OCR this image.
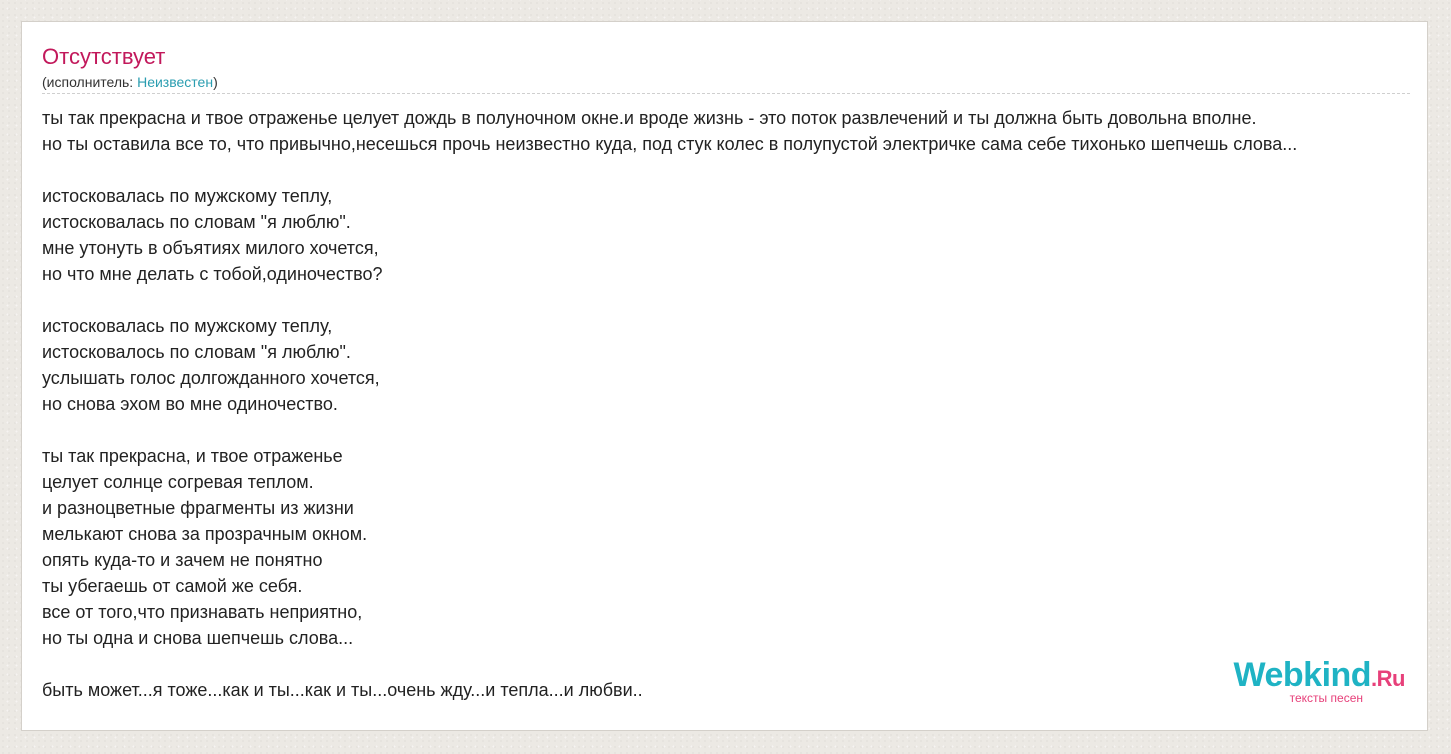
Отсутствует
(исполнитель: Неизвестен)
ты так прекрасна и твое отраженье целует дождь в полуночном окне.и вроде жизнь - это поток развлечений и ты должна быть довольна вполне.
но ты оставила все то, что привычно,несешься прочь неизвестно куда, под стук колес в полупустой электричке сама себе тихонько шепчешь слова...
истосковалась по мужскому теплу,
истосковалась по словам "я люблю".
мне утонуть в объятиях милого хочется,
но что мне делать с тобой,одиночество?
истосковалась по мужскому теплу,
истосковалось по словам "я люблю".
услышать голос долгожданного хочется,
но снова эхом во мне одиночество.
ты так прекрасна, и твое отраженье
целует солнце согревая теплом.
и разноцветные фрагменты из жизни
мелькают снова за прозрачным окном.
опять куда-то и зачем не понятно
ты убегаешь от самой же себя.
все от того,что признавать неприятно,
но ты одна и снова шепчешь слова...
быть может...я тоже...как и ты...как и ты...очень жду...и тепла...и любви..	Webkind.Ru
тексты песен
